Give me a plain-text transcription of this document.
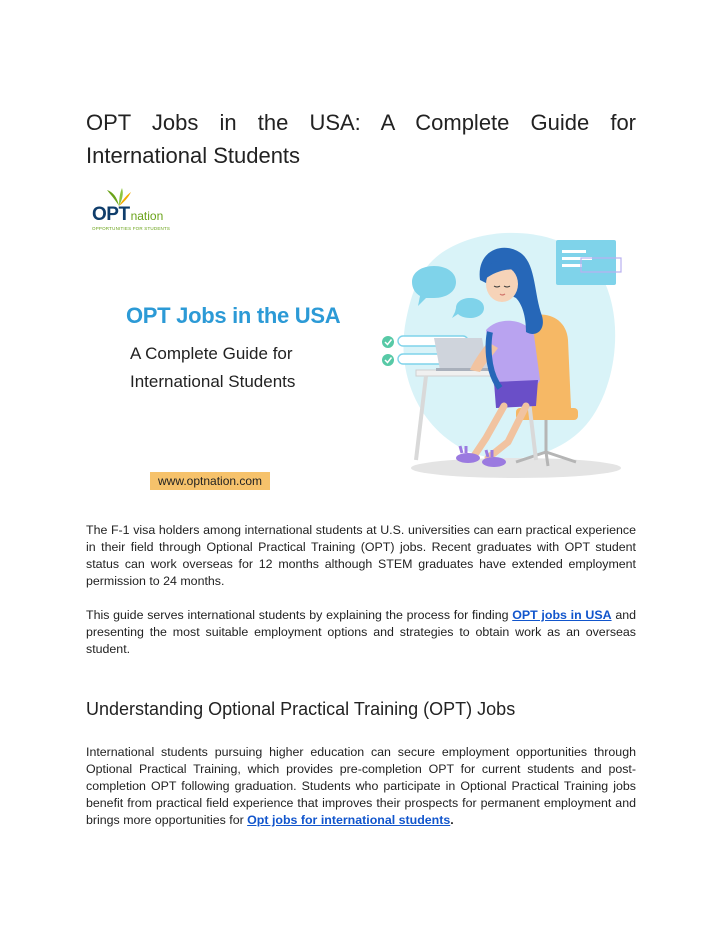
OPT Jobs in the USA: A Complete Guide for International Students
OPTnation
OPPORTUNITIES FOR STUDENTS
OPT Jobs in the USA
A Complete Guide for
International Students
www.optnation.com

The F-1 visa holders among international students at U.S. universities can earn practical experience in their field through Optional Practical Training (OPT) jobs. Recent graduates with OPT student status can work overseas for 12 months although STEM graduates have extended employment permission to 24 months.

This guide serves international students by explaining the process for finding OPT jobs in USA and presenting the most suitable employment options and strategies to obtain work as an overseas student.

Understanding Optional Practical Training (OPT) Jobs

International students pursuing higher education can secure employment opportunities through Optional Practical Training, which provides pre-completion OPT for current students and post-completion OPT following graduation. Students who participate in Optional Practical Training jobs benefit from practical field experience that improves their prospects for permanent employment and brings more opportunities for Opt jobs for international students.
